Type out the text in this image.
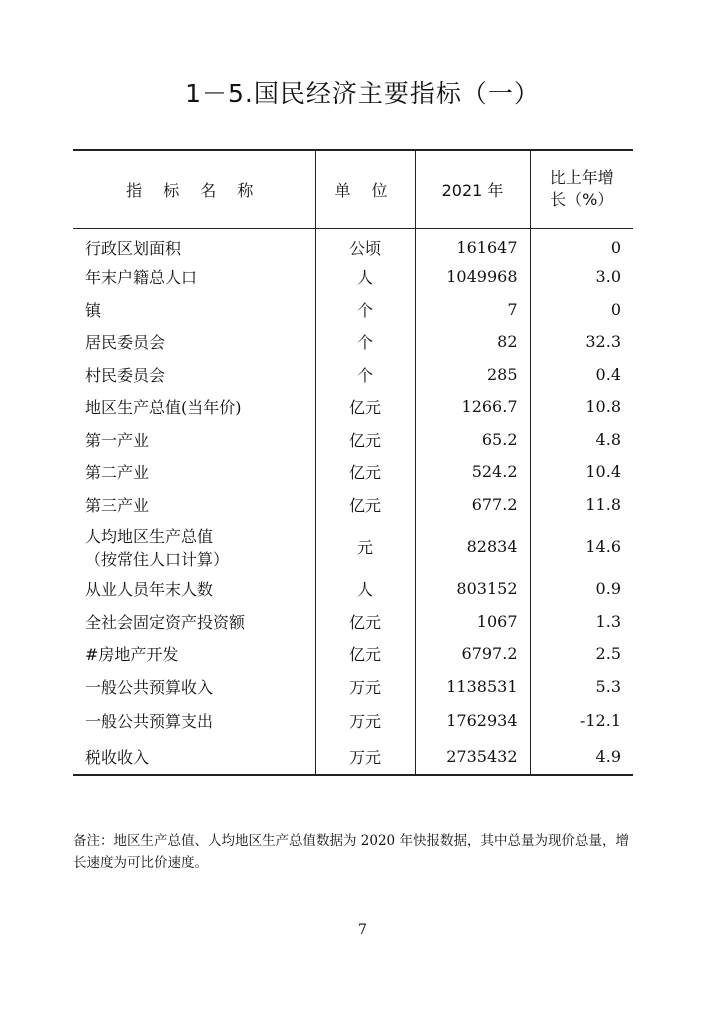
1－5.国民经济主要指标（一）
指 标 名 称	单 位	2021 年	比上年增
长（%）

行政区划面积	公顷	161647	0
年末户籍总人口	人	1049968	3.0
镇	个	7	0
居民委员会	个	82	32.3
村民委员会	个	285	0.4
地区生产总值(当年价)	亿元	1266.7	10.8
第一产业	亿元	65.2	4.8
第二产业	亿元	524.2	10.4
第三产业	亿元	677.2	11.8

人均地区生产总值
（按常住人口计算）	元	82834	14.6
从业人员年末人数	人	803152	0.9
全社会固定资产投资额	亿元	1067	1.3
#房地产开发	亿元	6797.2	2.5
一般公共预算收入	万元	1138531	5.3
一般公共预算支出	万元	1762934	-12.1
税收收入	万元	2735432	4.9
备注：地区生产总值、人均地区生产总值数据为 2020 年快报数据，其中总量为现价总量，增长速度为可比价速度。
7
